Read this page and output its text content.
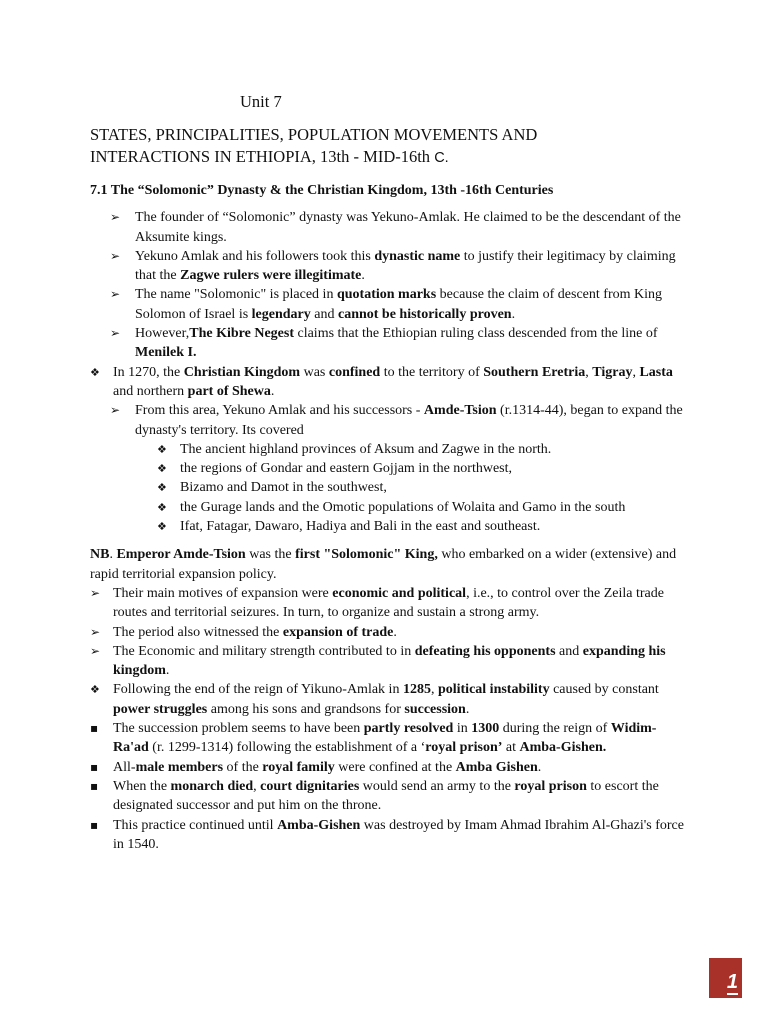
Unit 7
STATES, PRINCIPALITIES, POPULATION MOVEMENTS AND
INTERACTIONS IN ETHIOPIA, 13th - MID-16th C.
7.1 The “Solomonic” Dynasty & the Christian Kingdom, 13th -16th Centuries
➢
The founder of “Solomonic” dynasty was Yekuno-Amlak. He claimed to be the descendant of the Aksumite kings.
➢
Yekuno Amlak and his followers took this dynastic name to justify their legitimacy by claiming that the Zagwe rulers were illegitimate.
➢
The name "Solomonic" is placed in quotation marks because the claim of descent from King Solomon of Israel is legendary and cannot be historically proven.
➢
However,The Kibre Negest claims that the Ethiopian ruling class descended from the line of Menilek I.
❖
In 1270, the Christian Kingdom was confined to the territory of Southern Eretria, Tigray, Lasta and northern part of Shewa.
➢
From this area, Yekuno Amlak and his successors - Amde-Tsion (r.1314-44), began to expand the dynasty's territory. Its covered
❖
The ancient highland provinces of Aksum and Zagwe in the north.
❖
the regions of Gondar and eastern Gojjam in the northwest,
❖
Bizamo and Damot in the southwest,
❖
the Gurage lands and the Omotic populations of Wolaita and Gamo in the south
❖
Ifat, Fatagar, Dawaro, Hadiya and Bali in the east and southeast.
NB. Emperor Amde-Tsion was the first "Solomonic" King, who embarked on a wider (extensive) and rapid territorial expansion policy.
➢
Their main motives of expansion were economic and political, i.e., to control over the Zeila trade routes and territorial seizures. In turn, to organize and sustain a strong army.
➢
The period also witnessed the expansion of trade.
➢
The Economic and military strength contributed to in defeating his opponents and expanding his kingdom.
❖
Following the end of the reign of Yikuno-Amlak in 1285, political instability caused by constant power struggles among his sons and grandsons for succession.
▪
The succession problem seems to have been partly resolved in 1300 during the reign of Widim-Ra'ad (r. 1299-1314) following the establishment of a ‘royal prison’ at Amba-Gishen.
▪
All-male members of the royal family were confined at the Amba Gishen.
▪
When the monarch died, court dignitaries would send an army to the royal prison to escort the designated successor and put him on the throne.
▪
This practice continued until Amba-Gishen was destroyed by Imam Ahmad Ibrahim Al-Ghazi's force in 1540.
1
